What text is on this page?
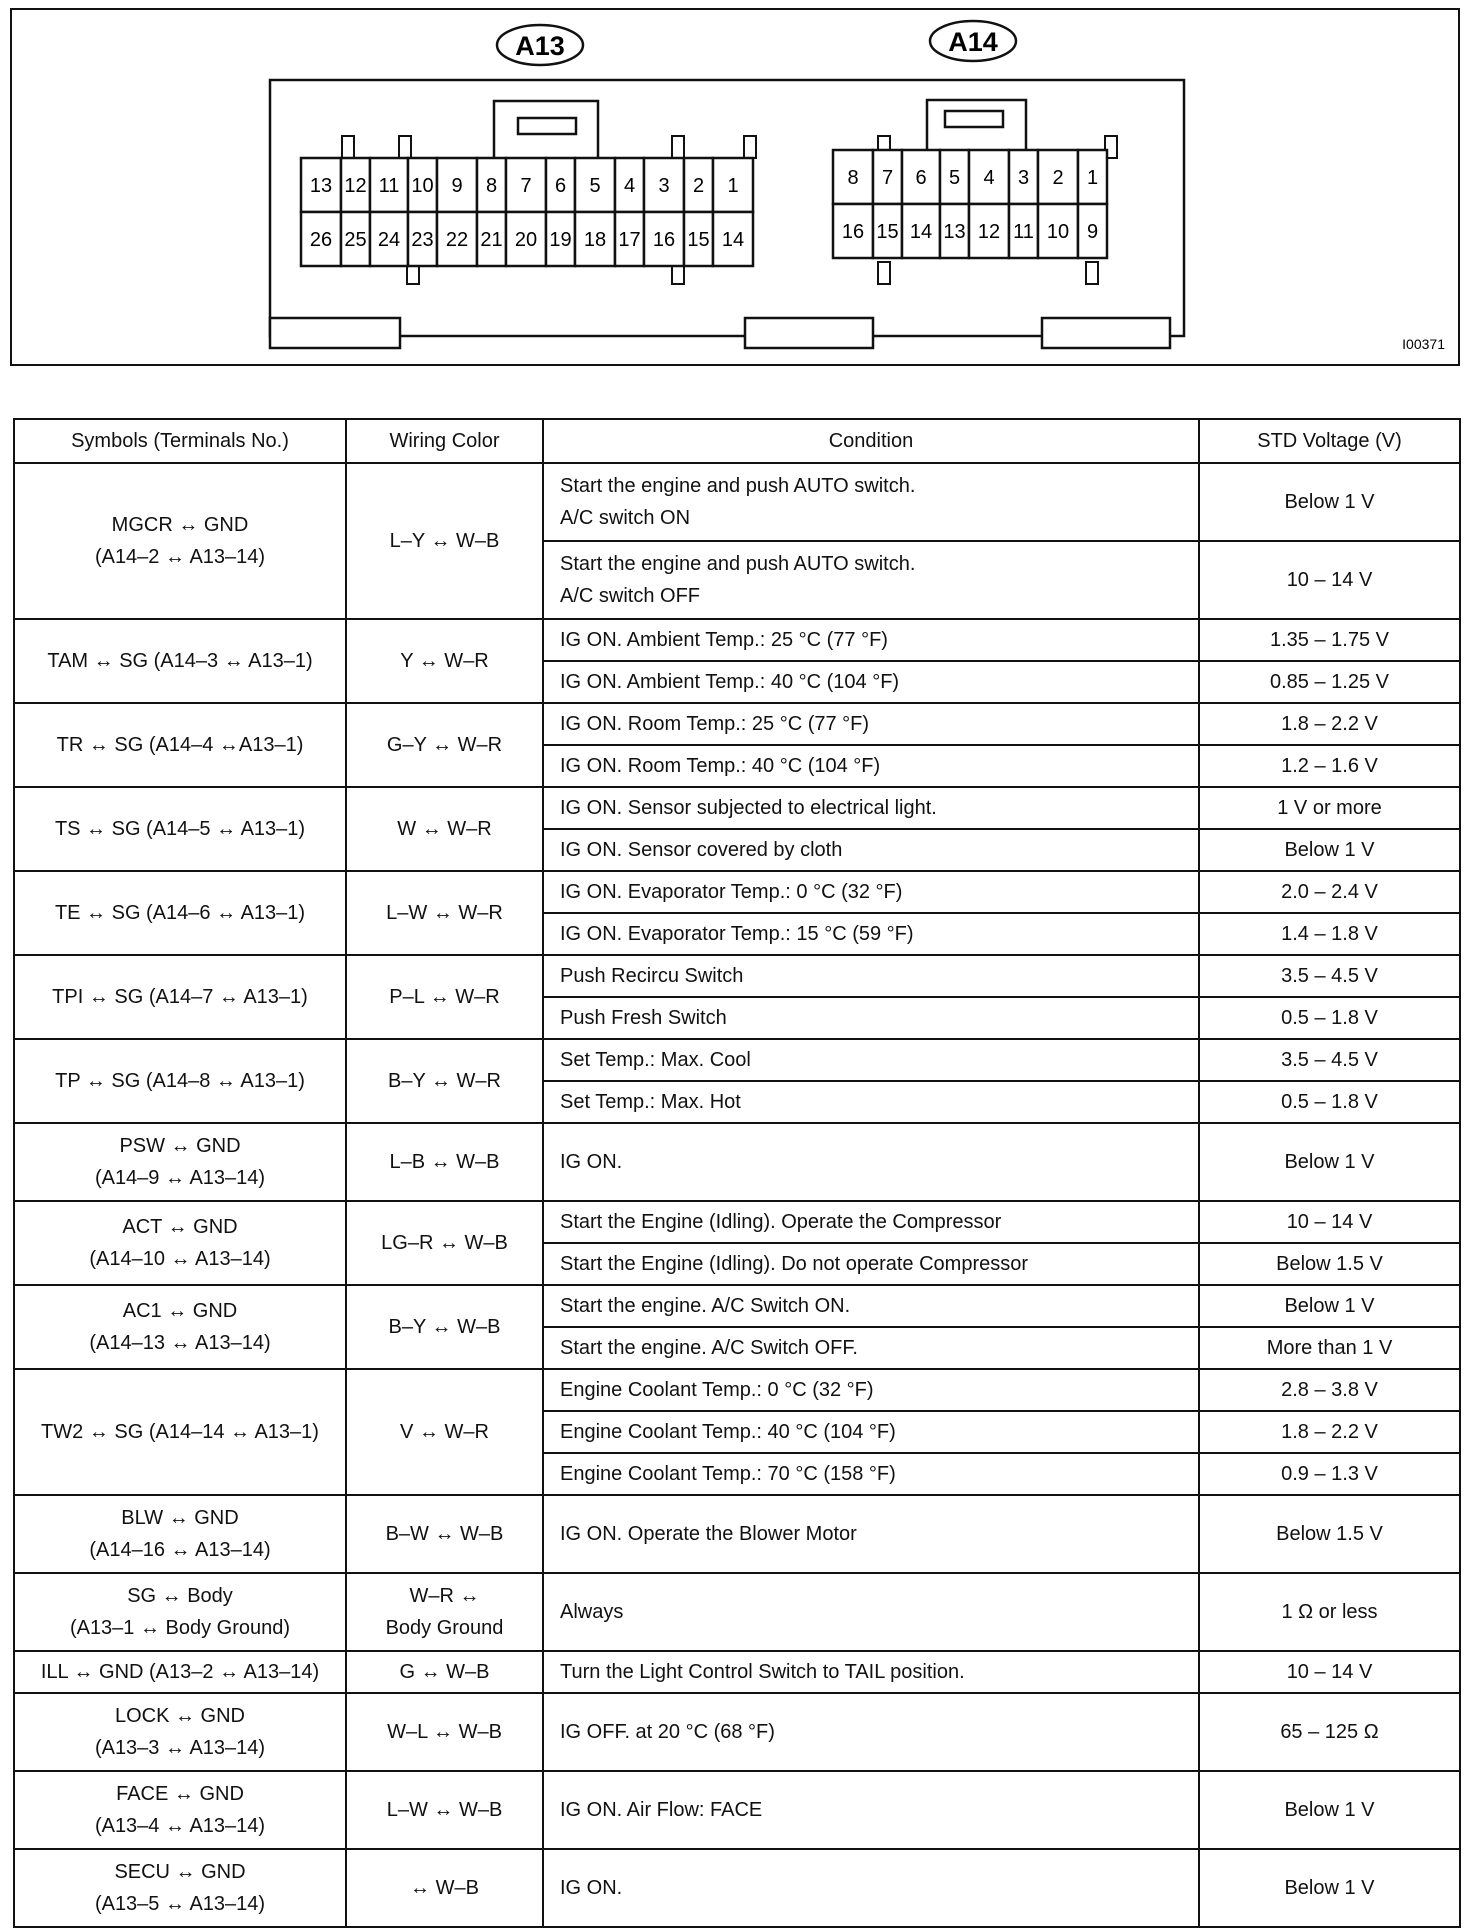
A13	A14
13 12 11 10 9 8 7 6 5 4 3 2 1
26 25 24 23 22 21 20 19 18 17 16 15 14
8 7 6 5 4 3 2 1
16 15 14 13 12 11 10 9
I00371
Symbols (Terminals No.)	Wiring Color	Condition	STD Voltage (V)

MGCR ↔ GND
(A14–2 ↔ A13–14)	L–Y ↔ W–B	Start the engine and push AUTO switch.
A/C switch ON	Below 1 V

		Start the engine and push AUTO switch.
A/C switch OFF	10 – 14 V

TAM ↔ SG (A14–3 ↔ A13–1)	Y ↔ W–R	IG ON. Ambient Temp.: 25 °C (77 °F)	1.35 – 1.75 V

		IG ON. Ambient Temp.: 40 °C (104 °F)	0.85 – 1.25 V

TR ↔ SG (A14–4 ↔A13–1)	G–Y ↔ W–R	IG ON. Room Temp.: 25 °C (77 °F)	1.8 – 2.2 V

		IG ON. Room Temp.: 40 °C (104 °F)	1.2 – 1.6 V

TS ↔ SG (A14–5 ↔ A13–1)	W ↔ W–R	IG ON. Sensor subjected to electrical light.	1 V or more

		IG ON. Sensor covered by cloth	Below 1 V

TE ↔ SG (A14–6 ↔ A13–1)	L–W ↔ W–R	IG ON. Evaporator Temp.: 0 °C (32 °F)	2.0 – 2.4 V

		IG ON. Evaporator Temp.: 15 °C (59 °F)	1.4 – 1.8 V

TPI ↔ SG (A14–7 ↔ A13–1)	P–L ↔ W–R	Push Recircu Switch	3.5 – 4.5 V

		Push Fresh Switch	0.5 – 1.8 V

TP ↔ SG (A14–8 ↔ A13–1)	B–Y ↔ W–R	Set Temp.: Max. Cool	3.5 – 4.5 V

		Set Temp.: Max. Hot	0.5 – 1.8 V

PSW ↔ GND
(A14–9 ↔ A13–14)	L–B ↔ W–B	IG ON.	Below 1 V

ACT ↔ GND
(A14–10 ↔ A13–14)	LG–R ↔ W–B	Start the Engine (Idling). Operate the Compressor	10 – 14 V

		Start the Engine (Idling). Do not operate Compressor	Below 1.5 V

AC1 ↔ GND
(A14–13 ↔ A13–14)	B–Y ↔ W–B	Start the engine. A/C Switch ON.	Below 1 V

		Start the engine. A/C Switch OFF.	More than 1 V

TW2 ↔ SG (A14–14 ↔ A13–1)	V ↔ W–R	Engine Coolant Temp.: 0 °C (32 °F)	2.8 – 3.8 V

		Engine Coolant Temp.: 40 °C (104 °F)	1.8 – 2.2 V

		Engine Coolant Temp.: 70 °C (158 °F)	0.9 – 1.3 V

BLW ↔ GND
(A14–16 ↔ A13–14)	B–W ↔ W–B	IG ON. Operate the Blower Motor	Below 1.5 V

SG ↔ Body
(A13–1 ↔ Body Ground)	W–R ↔
Body Ground	Always	1 Ω or less

ILL ↔ GND (A13–2 ↔ A13–14)	G ↔ W–B	Turn the Light Control Switch to TAIL position.	10 – 14 V

LOCK ↔ GND
(A13–3 ↔ A13–14)	W–L ↔ W–B	IG OFF. at 20 °C (68 °F)	65 – 125 Ω

FACE ↔ GND
(A13–4 ↔ A13–14)	L–W ↔ W–B	IG ON. Air Flow: FACE	Below 1 V

SECU ↔ GND
(A13–5 ↔ A13–14)	↔ W–B	IG ON.	Below 1 V
